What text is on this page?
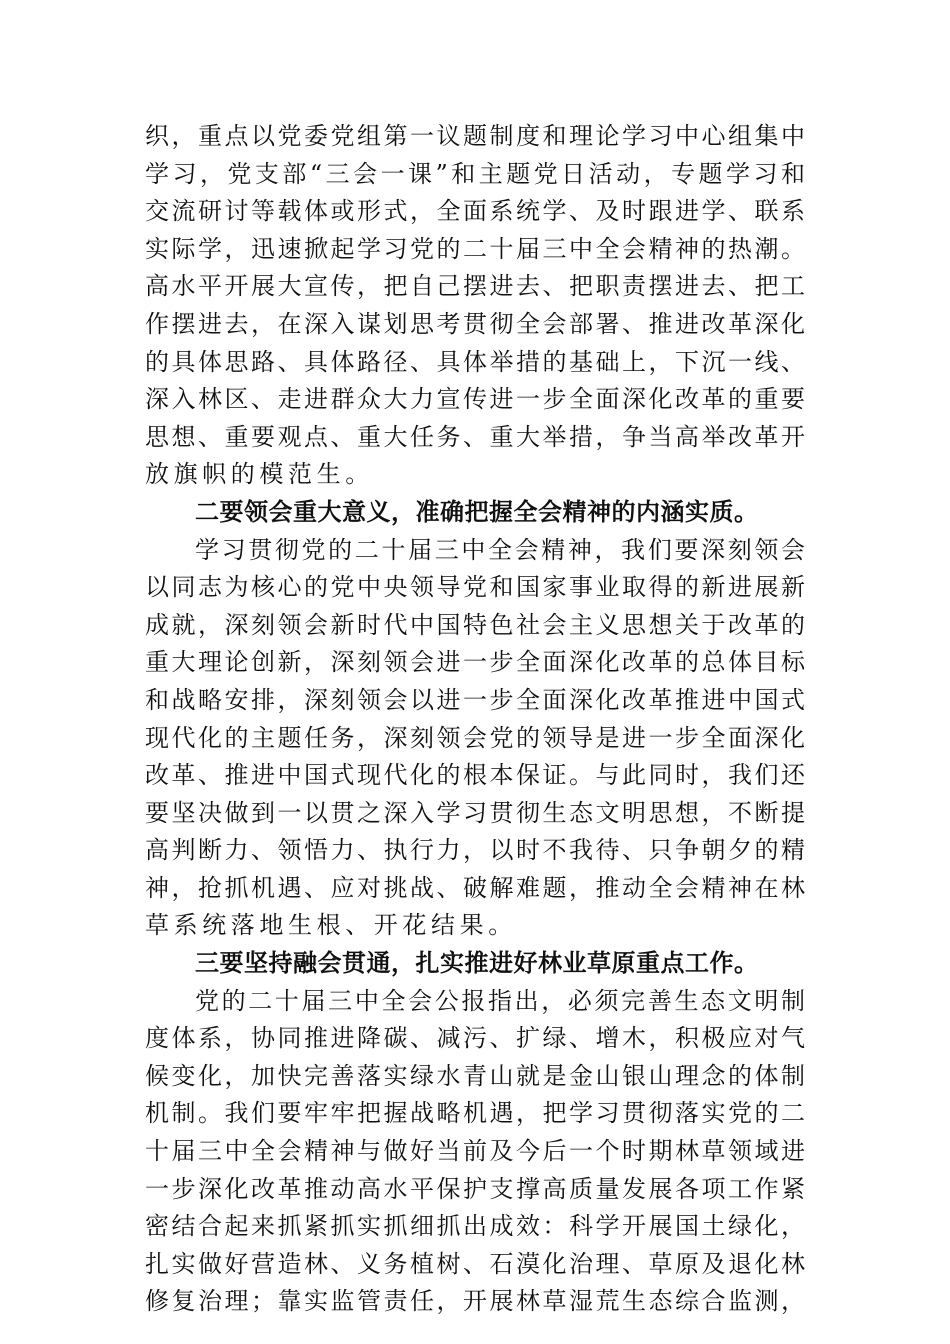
织，重点以党委党组第一议题制度和理论学习中心组集中
学习，党支部“三会一课”和主题党日活动，专题学习和
交流研讨等载体或形式，全面系统学、及时跟进学、联系
实际学，迅速掀起学习党的二十届三中全会精神的热潮。
高水平开展大宣传，把自己摆进去、把职责摆进去、把工
作摆进去，在深入谋划思考贯彻全会部署、推进改革深化
的具体思路、具体路径、具体举措的基础上，下沉一线、
深入林区、走进群众大力宣传进一步全面深化改革的重要
思想、重要观点、重大任务、重大举措，争当高举改革开
放旗帜的模范生。
二要领会重大意义，准确把握全会精神的内涵实质。
学习贯彻党的二十届三中全会精神，我们要深刻领会
以同志为核心的党中央领导党和国家事业取得的新进展新
成就，深刻领会新时代中国特色社会主义思想关于改革的
重大理论创新，深刻领会进一步全面深化改革的总体目标
和战略安排，深刻领会以进一步全面深化改革推进中国式
现代化的主题任务，深刻领会党的领导是进一步全面深化
改革、推进中国式现代化的根本保证。与此同时，我们还
要坚决做到一以贯之深入学习贯彻生态文明思想，不断提
高判断力、领悟力、执行力，以时不我待、只争朝夕的精
神，抢抓机遇、应对挑战、破解难题，推动全会精神在林
草系统落地生根、开花结果。
三要坚持融会贯通，扎实推进好林业草原重点工作。
党的二十届三中全会公报指出，必须完善生态文明制
度体系，协同推进降碳、减污、扩绿、增木，积极应对气
候变化，加快完善落实绿水青山就是金山银山理念的体制
机制。我们要牢牢把握战略机遇，把学习贯彻落实党的二
十届三中全会精神与做好当前及今后一个时期林草领域进
一步深化改革推动高水平保护支撑高质量发展各项工作紧
密结合起来抓紧抓实抓细抓出成效：科学开展国土绿化，
扎实做好营造林、义务植树、石漠化治理、草原及退化林
修复治理；靠实监管责任，开展林草湿荒生态综合监测，
